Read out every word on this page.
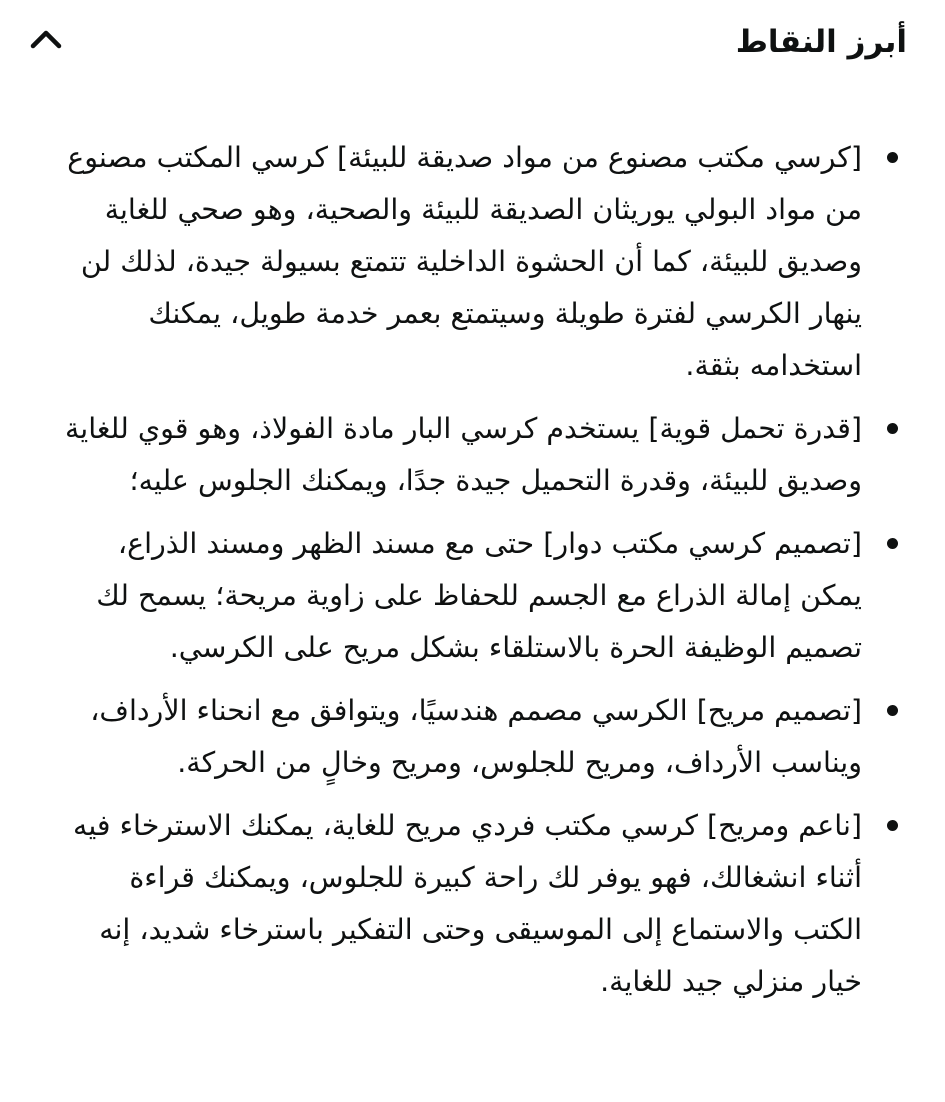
أبرز النقاط
[كرسي مكتب مصنوع من مواد صديقة للبيئة] كرسي المكتب مصنوع من مواد البولي يوريثان الصديقة للبيئة والصحية، وهو صحي للغاية وصديق للبيئة، كما أن الحشوة الداخلية تتمتع بسيولة جيدة، لذلك لن ينهار الكرسي لفترة طويلة وسيتمتع بعمر خدمة طويل، يمكنك استخدامه بثقة.
[قدرة تحمل قوية] يستخدم كرسي البار مادة الفولاذ، وهو قوي للغاية وصديق للبيئة، وقدرة التحميل جيدة جدًا، ويمكنك الجلوس عليه؛
[تصميم كرسي مكتب دوار] حتى مع مسند الظهر ومسند الذراع، يمكن إمالة الذراع مع الجسم للحفاظ على زاوية مريحة؛ يسمح لك تصميم الوظيفة الحرة بالاستلقاء بشكل مريح على الكرسي.
[تصميم مريح] الكرسي مصمم هندسيًا، ويتوافق مع انحناء الأرداف، ويناسب الأرداف، ومريح للجلوس، ومريح وخالٍ من الحركة.
[ناعم ومريح] كرسي مكتب فردي مريح للغاية، يمكنك الاسترخاء فيه أثناء انشغالك، فهو يوفر لك راحة كبيرة للجلوس، ويمكنك قراءة الكتب والاستماع إلى الموسيقى وحتى التفكير باسترخاء شديد، إنه خيار منزلي جيد للغاية.
